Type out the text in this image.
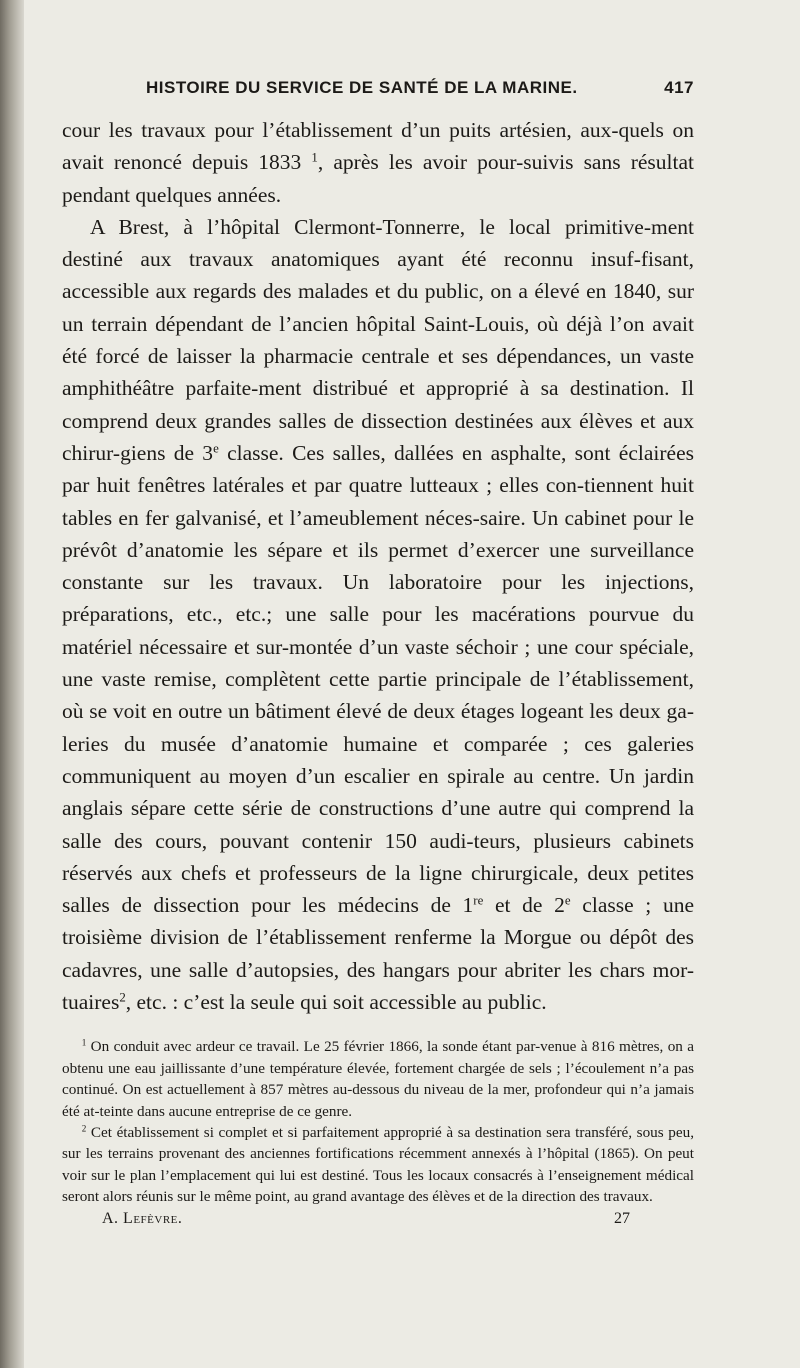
HISTOIRE DU SERVICE DE SANTÉ DE LA MARINE.	417

cour les travaux pour l’établissement d’un puits artésien, aux-quels on avait renoncé depuis 1833 $^1$, après les avoir pour-suivis sans résultat pendant quelques années.

A Brest, à l’hôpital Clermont-Tonnerre, le local primitive-ment destiné aux travaux anatomiques ayant été reconnu insuf-fisant, accessible aux regards des malades et du public, on a élevé en 1840, sur un terrain dépendant de l’ancien hôpital Saint-Louis, où déjà l’on avait été forcé de laisser la pharmacie centrale et ses dépendances, un vaste amphithéâtre parfaite-ment distribué et approprié à sa destination. Il comprend deux grandes salles de dissection destinées aux élèves et aux chirur-giens de 3e classe. Ces salles, dallées en asphalte, sont éclairées par huit fenêtres latérales et par quatre lutteaux ; elles con-tiennent huit tables en fer galvanisé, et l’ameublement néces-saire. Un cabinet pour le prévôt d’anatomie les sépare et ils permet d’exercer une surveillance constante sur les travaux. Un laboratoire pour les injections, préparations, etc., etc.; une salle pour les macérations pourvue du matériel nécessaire et sur-montée d’un vaste séchoir ; une cour spéciale, une vaste remise, complètent cette partie principale de l’établissement, où se voit en outre un bâtiment élevé de deux étages logeant les deux ga-leries du musée d’anatomie humaine et comparée ; ces galeries communiquent au moyen d’un escalier en spirale au centre. Un jardin anglais sépare cette série de constructions d’une autre qui comprend la salle des cours, pouvant contenir 150 audi-teurs, plusieurs cabinets réservés aux chefs et professeurs de la ligne chirurgicale, deux petites salles de dissection pour les médecins de 1re et de 2e classe ; une troisième division de l’établissement renferme la Morgue ou dépôt des cadavres, une salle d’autopsies, des hangars pour abriter les chars mor-tuaires$^2$, etc. : c’est la seule qui soit accessible au public.

$^1$ On conduit avec ardeur ce travail. Le 25 février 1866, la sonde étant par-venue à 816 mètres, on a obtenu une eau jaillissante d’une température élevée, fortement chargée de sels ; l’écoulement n’a pas continué. On est actuellement à 857 mètres au-dessous du niveau de la mer, profondeur qui n’a jamais été at-teinte dans aucune entreprise de ce genre.

$^2$ Cet établissement si complet et si parfaitement approprié à sa destination sera transféré, sous peu, sur les terrains provenant des anciennes fortifications récemment annexés à l’hôpital (1865). On peut voir sur le plan l’emplacement qui lui est destiné. Tous les locaux consacrés à l’enseignement médical seront alors réunis sur le même point, au grand avantage des élèves et de la direction des travaux.

A. Lefèvre.	27
